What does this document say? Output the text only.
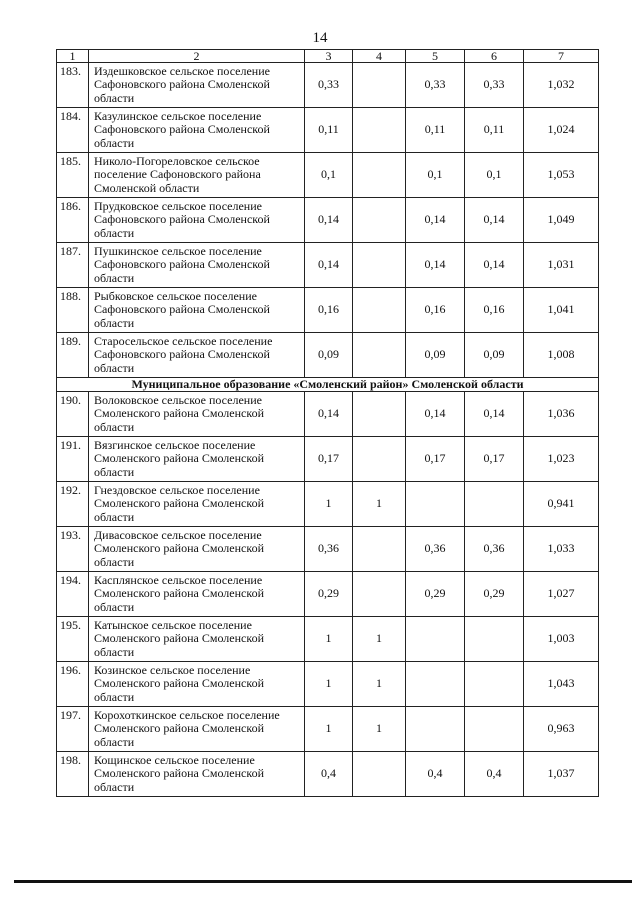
14
1	2	3	4	5	6	7
183.	Издешковское сельское поселение Сафоновского района Смоленской области	0,33		0,33	0,33	1,032
184.	Казулинское сельское поселение Сафоновского района Смоленской области	0,11		0,11	0,11	1,024
185.	Николо-Погореловское сельское поселение Сафоновского района Смоленской области	0,1		0,1	0,1	1,053
186.	Прудковское сельское поселение Сафоновского района Смоленской области	0,14		0,14	0,14	1,049
187.	Пушкинское сельское поселение Сафоновского района Смоленской области	0,14		0,14	0,14	1,031
188.	Рыбковское сельское поселение Сафоновского района Смоленской области	0,16		0,16	0,16	1,041
189.	Старосельское сельское поселение Сафоновского района Смоленской области	0,09		0,09	0,09	1,008
Муниципальное образование «Смоленский район» Смоленской области						
190.	Волоковское сельское поселение Смоленского района Смоленской области	0,14		0,14	0,14	1,036
191.	Вязгинское сельское поселение Смоленского района Смоленской области	0,17		0,17	0,17	1,023
192.	Гнездовское сельское поселение Смоленского района Смоленской области	1	1			0,941
193.	Дивасовское сельское поселение Смоленского района Смоленской области	0,36		0,36	0,36	1,033
194.	Касплянское сельское поселение Смоленского района Смоленской области	0,29		0,29	0,29	1,027
195.	Катынское сельское поселение Смоленского района Смоленской области	1	1			1,003
196.	Козинское сельское поселение Смоленского района Смоленской области	1	1			1,043
197.	Корохоткинское сельское поселение Смоленского района Смоленской области	1	1			0,963
198.	Кощинское сельское поселение Смоленского района Смоленской области	0,4		0,4	0,4	1,037
